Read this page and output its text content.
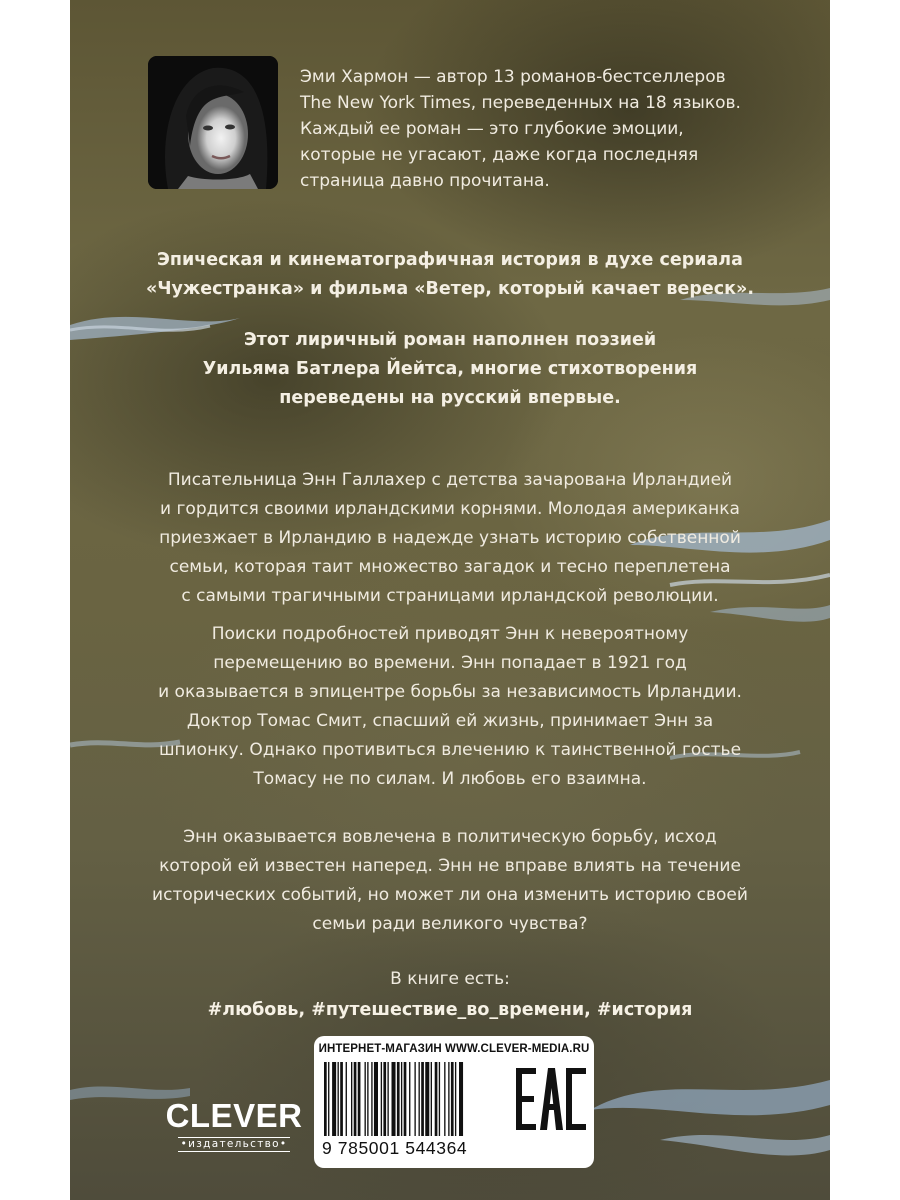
Эми Хармон — автор 13 романов-бестселлеров
The New York Times, переведенных на 18 языков.
Каждый ее роман — это глубокие эмоции,
которые не угасают, даже когда последняя
страница давно прочитана.
Эпическая и кинематографичная история в духе сериала
«Чужестранка» и фильма «Ветер, который качает вереск».
Этот лиричный роман наполнен поэзией
Уильяма Батлера Йейтса, многие стихотворения
переведены на русский впервые.
Писательница Энн Галлахер с детства зачарована Ирландией
и гордится своими ирландскими корнями. Молодая американка
приезжает в Ирландию в надежде узнать историю собственной
семьи, которая таит множество загадок и тесно переплетена
с самыми трагичными страницами ирландской революции.
Поиски подробностей приводят Энн к невероятному
перемещению во времени. Энн попадает в 1921 год
и оказывается в эпицентре борьбы за независимость Ирландии.
Доктор Томас Смит, спасший ей жизнь, принимает Энн за
шпионку. Однако противиться влечению к таинственной гостье
Томасу не по силам. И любовь его взаимна.
Энн оказывается вовлечена в политическую борьбу, исход
которой ей известен наперед. Энн не вправе влиять на течение
исторических событий, но может ли она изменить историю своей
семьи ради великого чувства?
В книге есть:
#любовь, #путешествие_во_времени, #история
CLEVER
•издательство•
ИНТЕРНЕТ-МАГАЗИН WWW.CLEVER-MEDIA.RU
9 785001 544364
